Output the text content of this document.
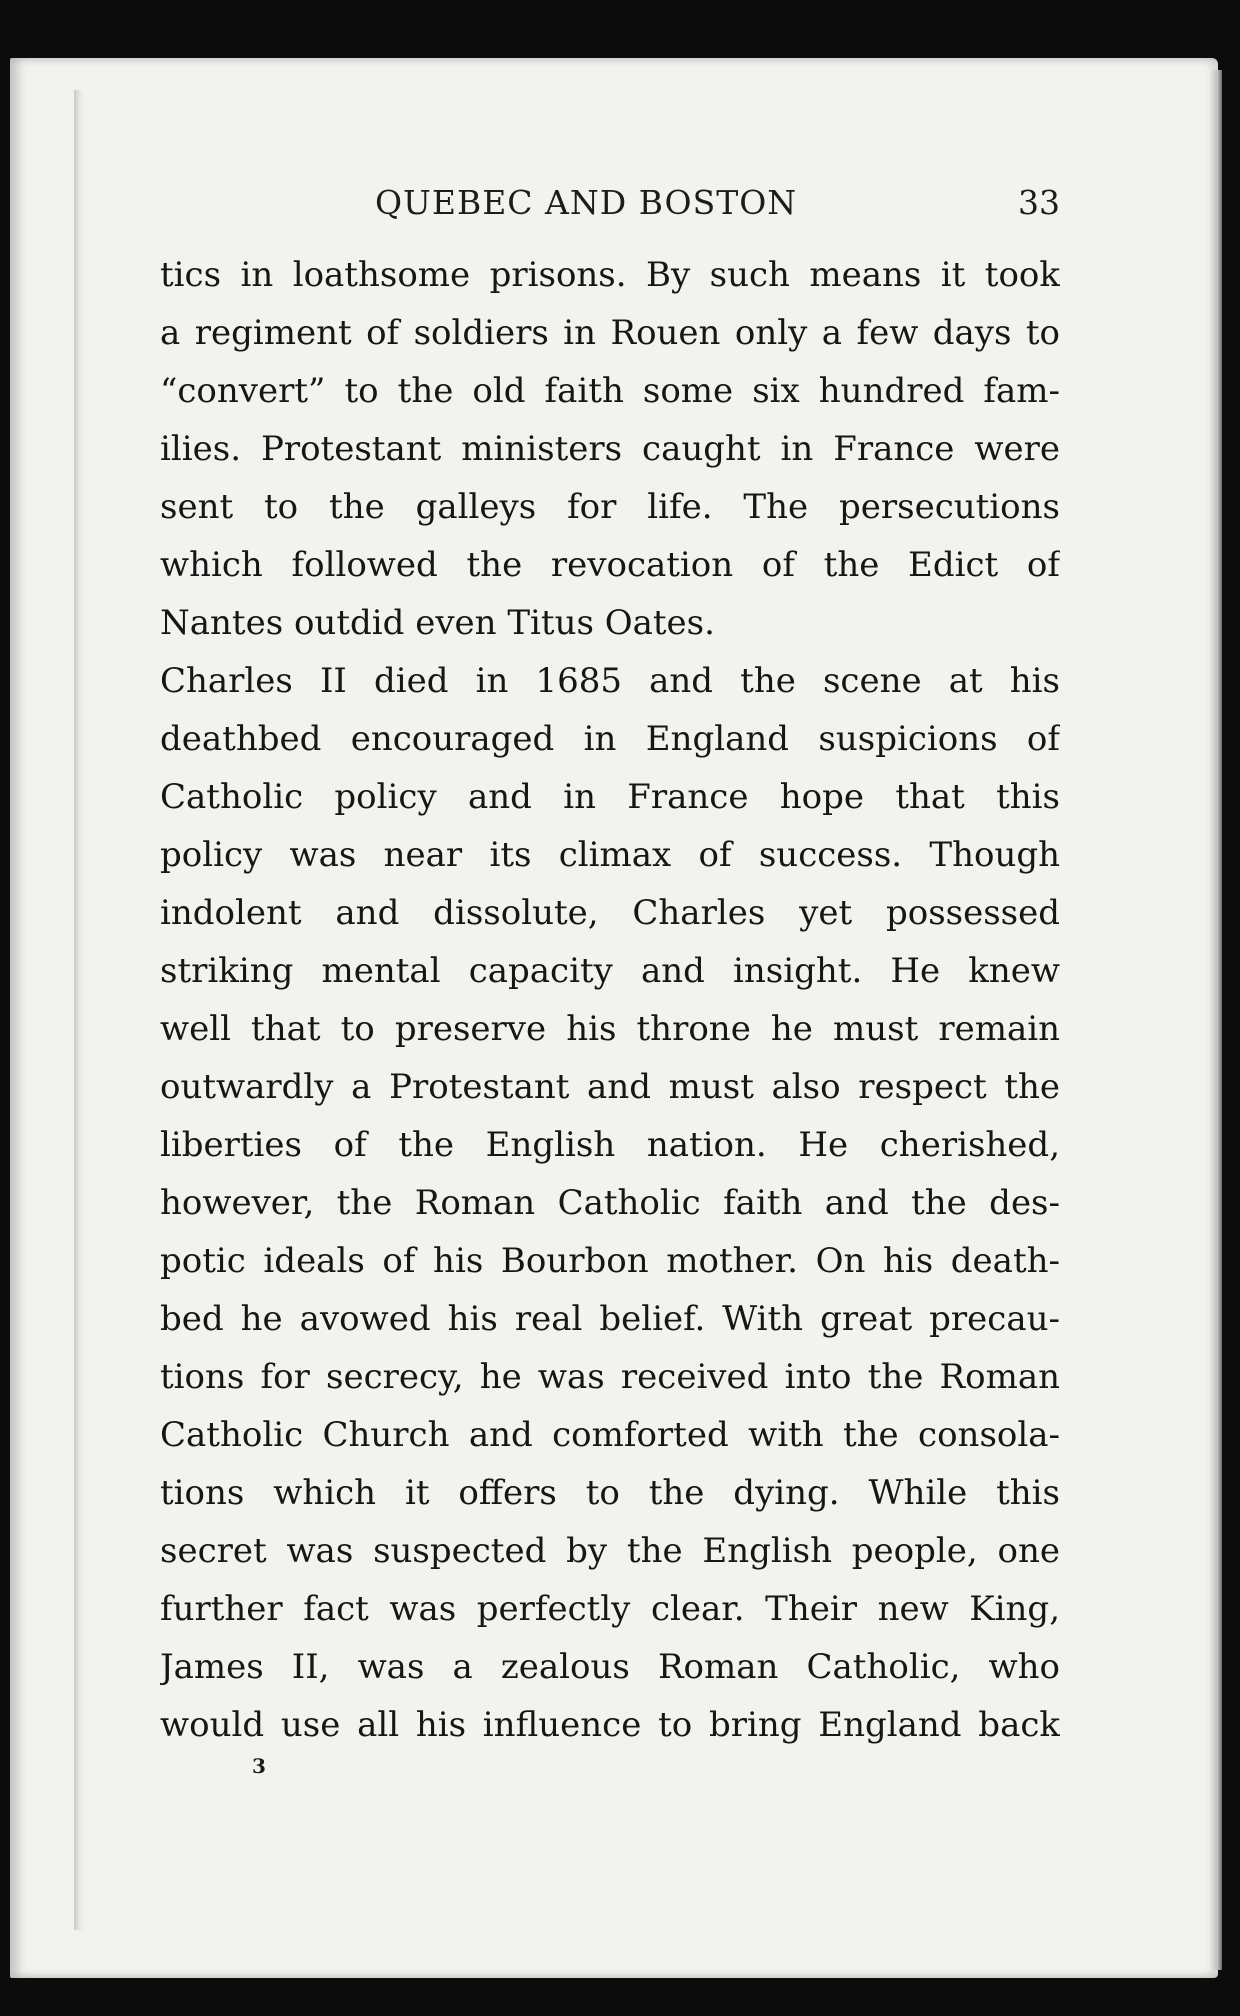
QUEBEC AND BOSTON	33
tics in loathsome prisons. By such means it took
a regiment of soldiers in Rouen only a few days to
“convert” to the old faith some six hundred fam-
ilies. Protestant ministers caught in France were
sent to the galleys for life. The persecutions
which followed the revocation of the Edict of
Nantes outdid even Titus Oates.
Charles II died in 1685 and the scene at his
deathbed encouraged in England suspicions of
Catholic policy and in France hope that this
policy was near its climax of success. Though
indolent and dissolute, Charles yet possessed
striking mental capacity and insight. He knew
well that to preserve his throne he must remain
outwardly a Protestant and must also respect the
liberties of the English nation. He cherished,
however, the Roman Catholic faith and the des-
potic ideals of his Bourbon mother. On his death-
bed he avowed his real belief. With great precau-
tions for secrecy, he was received into the Roman
Catholic Church and comforted with the consola-
tions which it offers to the dying. While this
secret was suspected by the English people, one
further fact was perfectly clear. Their new King,
James II, was a zealous Roman Catholic, who
would use all his influence to bring England back
3
